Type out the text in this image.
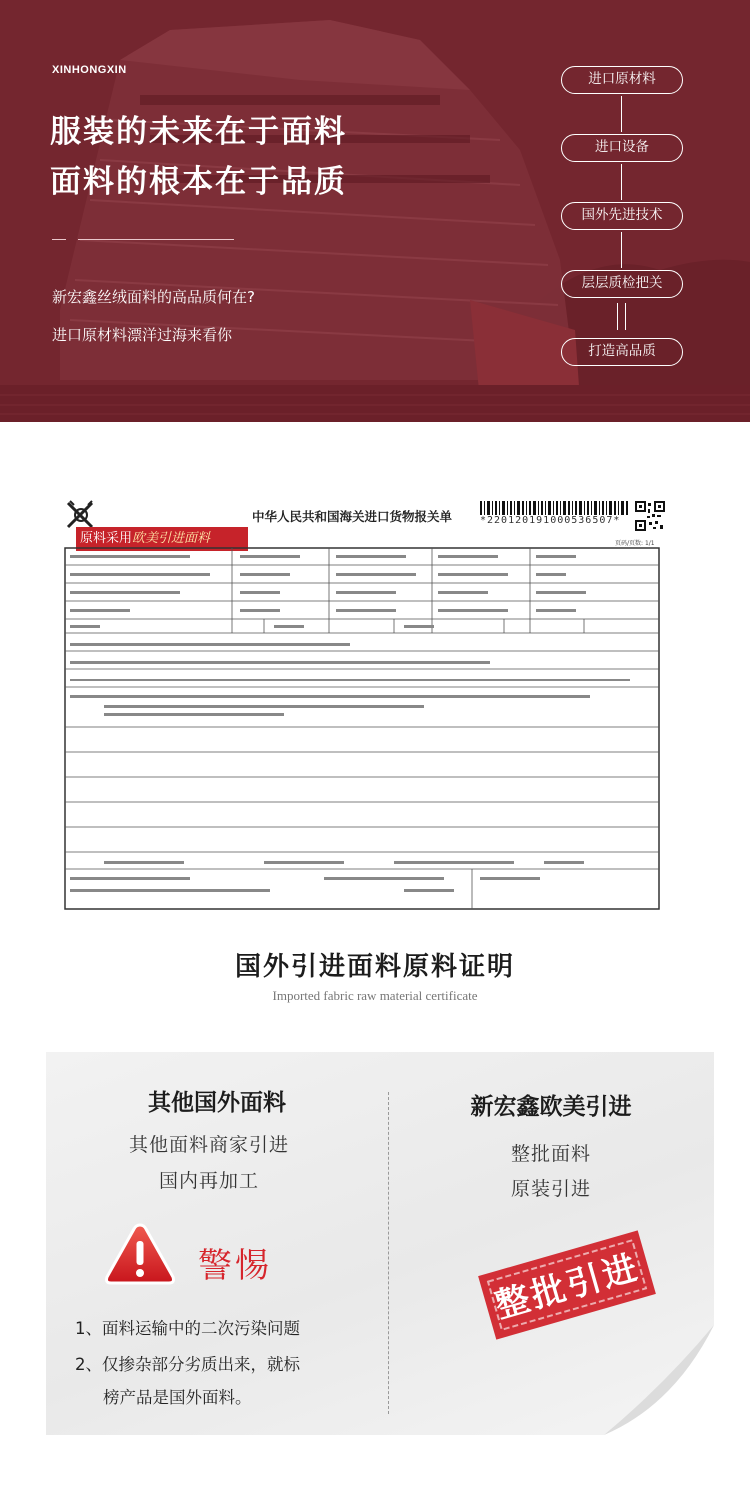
XINHONGXIN
服装的未来在于面料
面料的根本在于品质
新宏鑫丝绒面料的高品质何在?
进口原材料漂洋过海来看你
进口原材料
进口设备
国外先进技术
层层质检把关
打造高品质
中华人民共和国海关进口货物报关单	*220120191000536507*
原料采用欧美引进面料	页码/页数: 1/1
国外引进面料原料证明
Imported fabric raw material certificate
其他国外面料
其他面料商家引进
国内再加工
警惕
1、面料运输中的二次污染问题
2、仅掺杂部分劣质出来，就标
榜产品是国外面料。
新宏鑫欧美引进
整批面料
原装引进
整批引进
